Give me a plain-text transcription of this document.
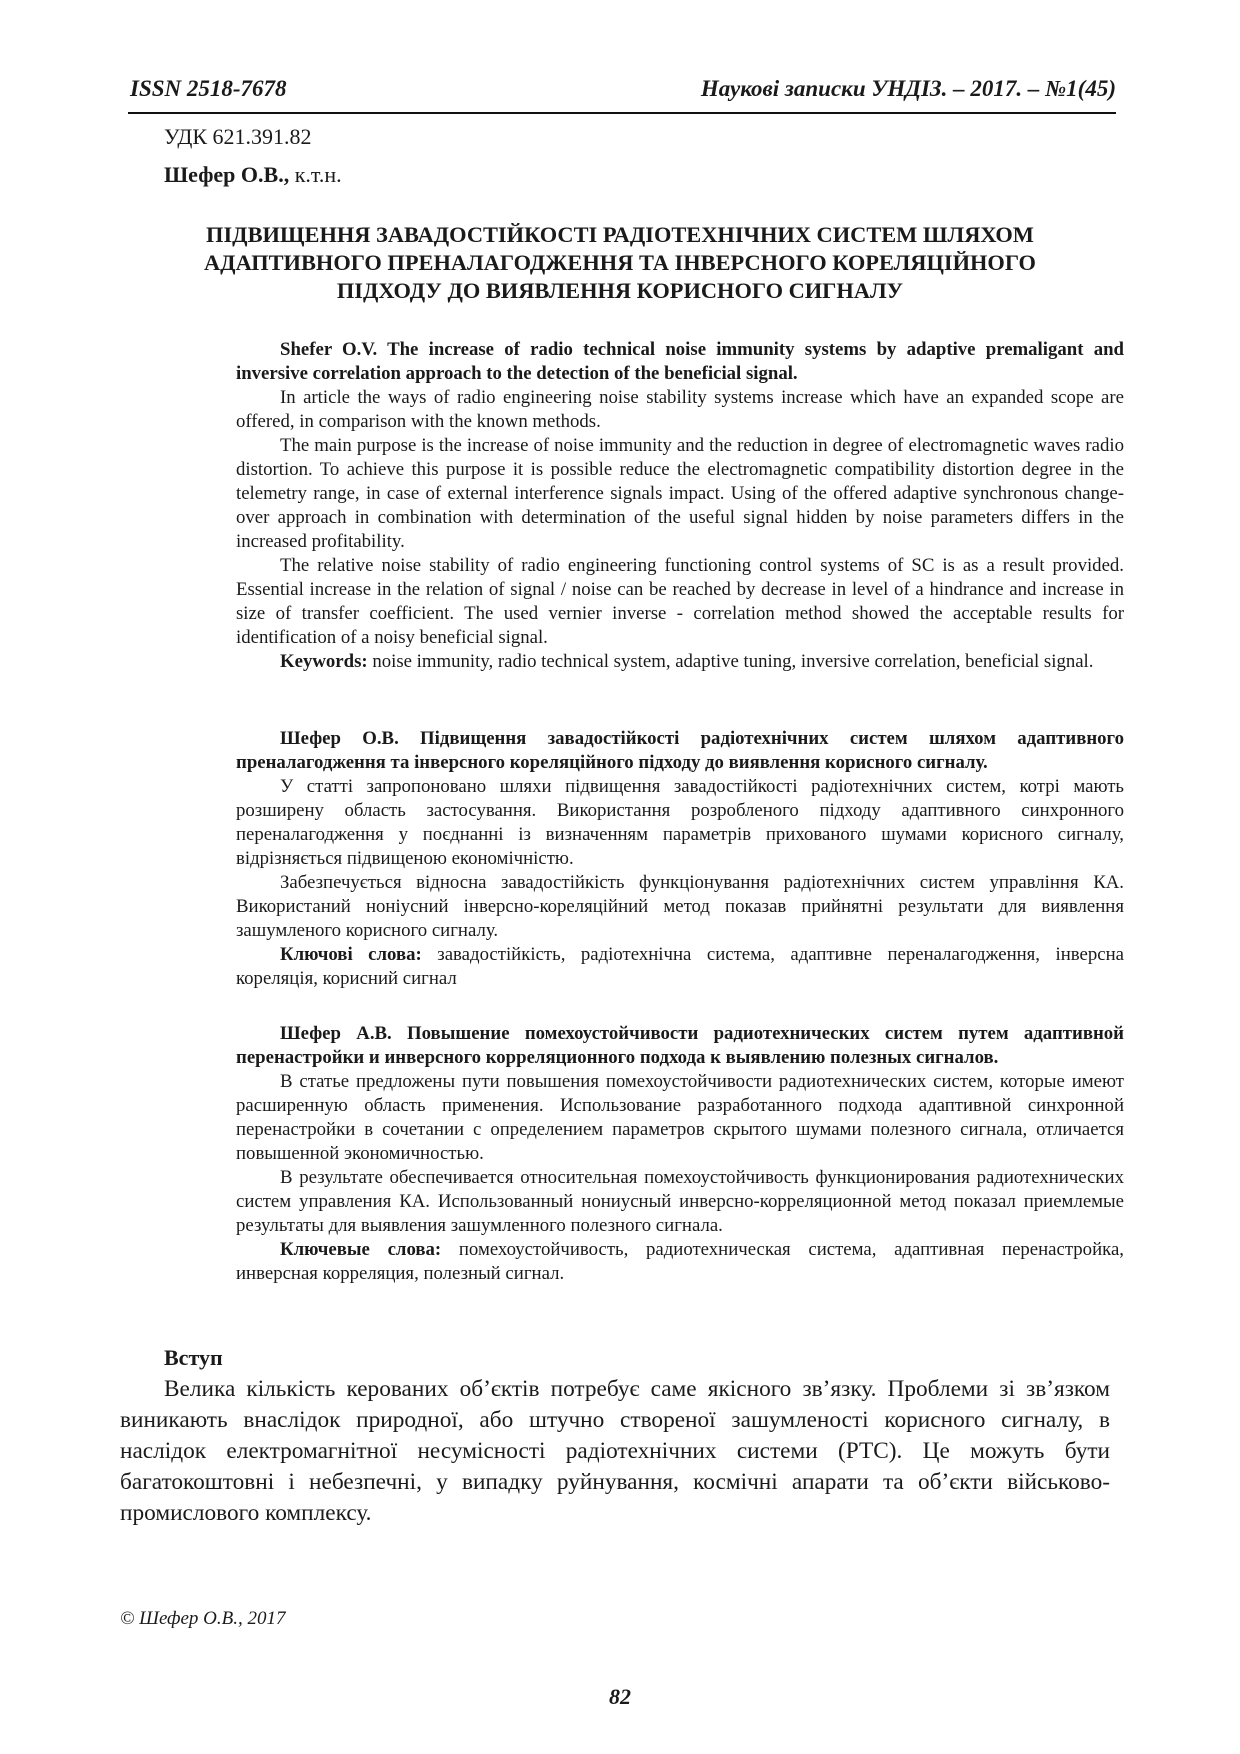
ISSN 2518-7678	Наукові записки УНДІЗ. – 2017. – №1(45)
УДК 621.391.82
Шефер О.В., к.т.н.
ПІДВИЩЕННЯ ЗАВАДОСТІЙКОСТІ РАДІОТЕХНІЧНИХ СИСТЕМ ШЛЯХОМ
АДАПТИВНОГО ПРЕНАЛАГОДЖЕННЯ ТА ІНВЕРСНОГО КОРЕЛЯЦІЙНОГО
ПІДХОДУ ДО ВИЯВЛЕННЯ КОРИСНОГО СИГНАЛУ

Shefer O.V. The increase of radio technical noise immunity systems by adaptive premaligant and inversive correlation approach to the detection of the beneficial signal.

In article the ways of radio engineering noise stability systems increase which have an expanded scope are offered, in comparison with the known methods.

The main purpose is the increase of noise immunity and the reduction in degree of electromagnetic waves radio distortion. To achieve this purpose it is possible reduce the electromagnetic compatibility distortion degree in the telemetry range, in case of external interference signals impact. Using of the offered adaptive synchronous change-over approach in combination with determination of the useful signal hidden by noise parameters differs in the increased profitability.

The relative noise stability of radio engineering functioning control systems of SC is as a result provided. Essential increase in the relation of signal / noise can be reached by decrease in level of a hindrance and increase in size of transfer coefficient. The used vernier inverse - correlation method showed the acceptable results for identification of a noisy beneficial signal.

Keywords: noise immunity, radio technical system, adaptive tuning, inversive correlation, beneficial signal.

Шефер О.В. Підвищення завадостійкості радіотехнічних систем шляхом адаптивного преналагодження та інверсного кореляційного підходу до виявлення корисного сигналу.

У статті запропоновано шляхи підвищення завадостійкості радіотехнічних систем, котрі мають розширену область застосування. Використання розробленого підходу адаптивного синхронного переналагодження у поєднанні із визначенням параметрів прихованого шумами корисного сигналу, відрізняється підвищеною економічністю.

Забезпечується відносна завадостійкість функціонування радіотехнічних систем управління КА. Використаний ноніусний інверсно-кореляційний метод показав прийнятні результати для виявлення зашумленого корисного сигналу.

Ключові слова: завадостійкість, радіотехнічна система, адаптивне переналагодження, інверсна кореляція, корисний сигнал

Шефер А.В. Повышение помехоустойчивости радиотехнических систем путем адаптивной перенастройки и инверсного корреляционного подхода к выявлению полезных сигналов.

В статье предложены пути повышения помехоустойчивости радиотехнических систем, которые имеют расширенную область применения. Использование разработанного подхода адаптивной синхронной перенастройки в сочетании с определением параметров скрытого шумами полезного сигнала, отличается повышенной экономичностью.

В результате обеспечивается относительная помехоустойчивость функционирования радиотехнических систем управления КА. Использованный нониусный инверсно-корреляционной метод показал приемлемые результаты для выявления зашумленного полезного сигнала.

Ключевые слова: помехоустойчивость, радиотехническая система, адаптивная перенастройка, инверсная корреляция, полезный сигнал.

Вступ

Велика кількість керованих об’єктів потребує саме якісного зв’язку. Проблеми зі зв’язком виникають внаслідок природної, або штучно створеної зашумленості корисного сигналу, в наслідок електромагнітної несумісності радіотехнічних системи (РТС). Це можуть бути багатокоштовні і небезпечні, у випадку руйнування, космічні апарати та об’єкти військово-промислового комплексу.

© Шефер О.В., 2017
82
